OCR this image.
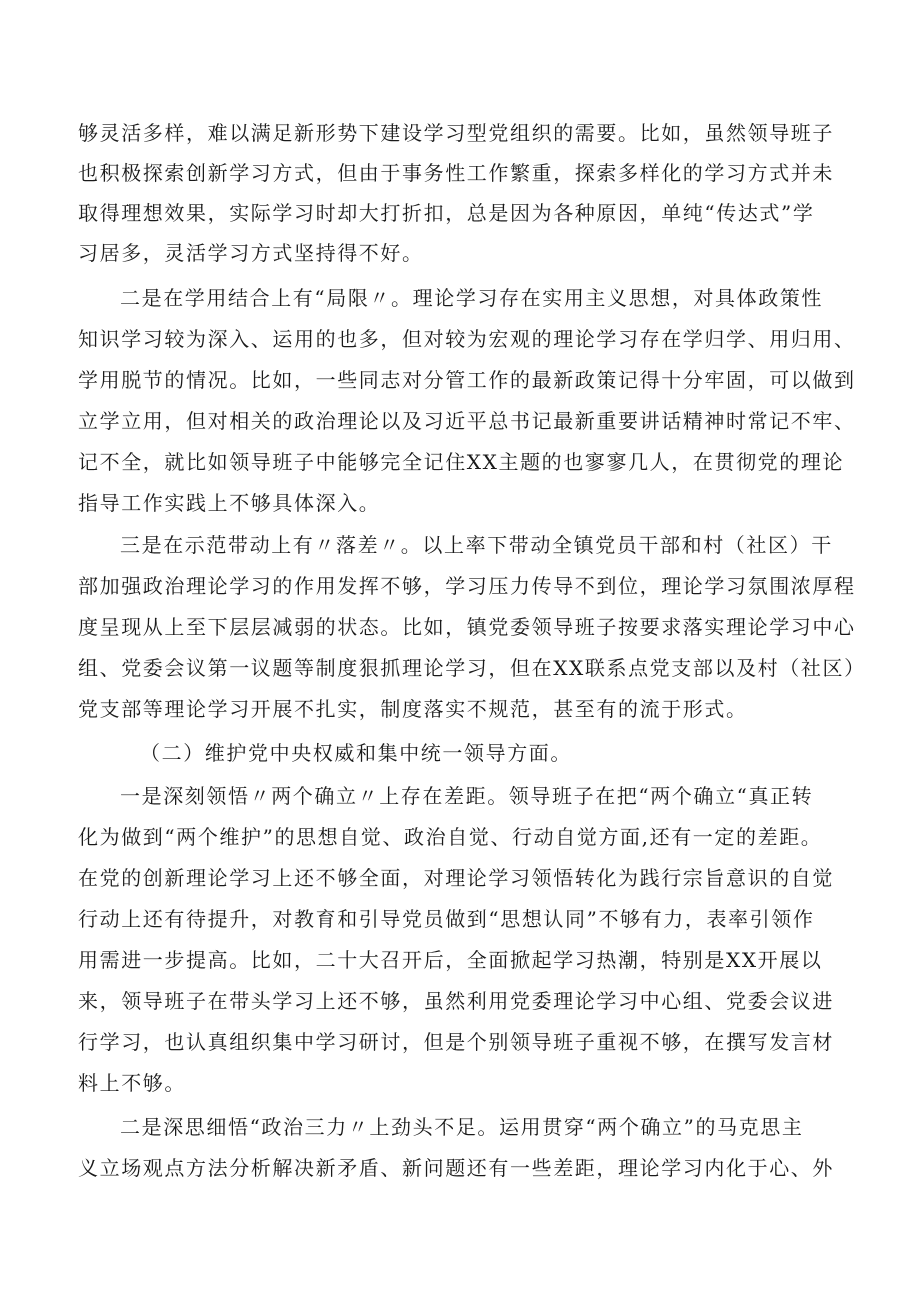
够灵活多样，难以满足新形势下建设学习型党组织的需要。比如，虽然领导班子
也积极探索创新学习方式，但由于事务性工作繁重，探索多样化的学习方式并未
取得理想效果，实际学习时却大打折扣，总是因为各种原因，单纯“传达式”学
习居多，灵活学习方式坚持得不好。
二是在学用结合上有“局限〃。理论学习存在实用主义思想，对具体政策性
知识学习较为深入、运用的也多，但对较为宏观的理论学习存在学归学、用归用、
学用脱节的情况。比如，一些同志对分管工作的最新政策记得十分牢固，可以做到
立学立用，但对相关的政治理论以及习近平总书记最新重要讲话精神时常记不牢、
记不全，就比如领导班子中能够完全记住XX主题的也寥寥几人，在贯彻党的理论
指导工作实践上不够具体深入。
三是在示范带动上有〃落差〃。以上率下带动全镇党员干部和村（社区）干
部加强政治理论学习的作用发挥不够，学习压力传导不到位，理论学习氛围浓厚程
度呈现从上至下层层减弱的状态。比如，镇党委领导班子按要求落实理论学习中心
组、党委会议第一议题等制度狠抓理论学习，但在XX联系点党支部以及村（社区）
党支部等理论学习开展不扎实，制度落实不规范，甚至有的流于形式。
（二）维护党中央权威和集中统一领导方面。
一是深刻领悟〃两个确立〃上存在差距。领导班子在把“两个确立“真正转
化为做到“两个维护”的思想自觉、政治自觉、行动自觉方面,还有一定的差距。
在党的创新理论学习上还不够全面，对理论学习领悟转化为践行宗旨意识的自觉
行动上还有待提升，对教育和引导党员做到“思想认同”不够有力，表率引领作
用需进一步提高。比如，二十大召开后，全面掀起学习热潮，特别是XX开展以
来，领导班子在带头学习上还不够，虽然利用党委理论学习中心组、党委会议进
行学习，也认真组织集中学习研讨，但是个别领导班子重视不够，在撰写发言材
料上不够。
二是深思细悟“政治三力〃上劲头不足。运用贯穿“两个确立”的马克思主
义立场观点方法分析解决新矛盾、新问题还有一些差距，理论学习内化于心、外
